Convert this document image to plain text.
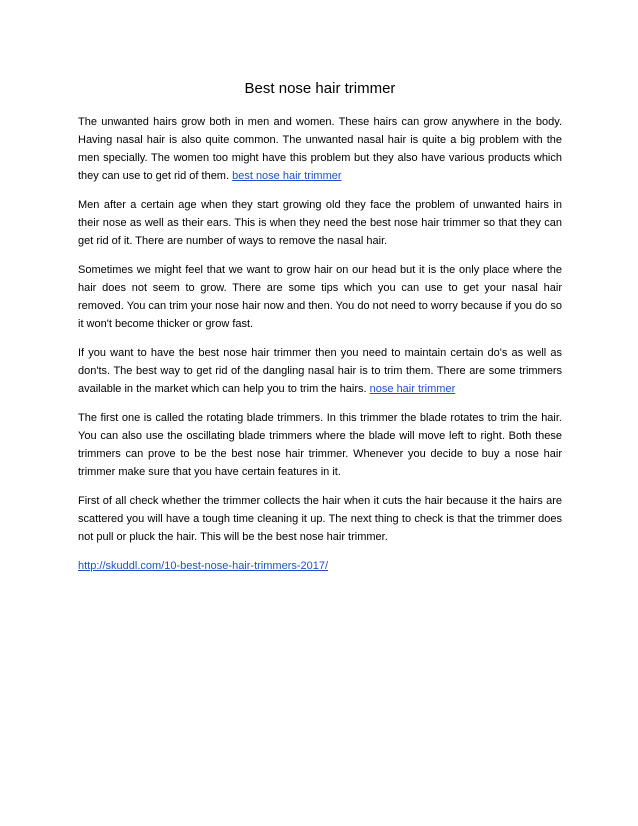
Best nose hair trimmer

The unwanted hairs grow both in men and women. These hairs can grow anywhere in the body. Having nasal hair is also quite common. The unwanted nasal hair is quite a big problem with the men specially. The women too might have this problem but they also have various products which they can use to get rid of them. best nose hair trimmer

Men after a certain age when they start growing old they face the problem of unwanted hairs in their nose as well as their ears. This is when they need the best nose hair trimmer so that they can get rid of it. There are number of ways to remove the nasal hair.

Sometimes we might feel that we want to grow hair on our head but it is the only place where the hair does not seem to grow. There are some tips which you can use to get your nasal hair removed. You can trim your nose hair now and then. You do not need to worry because if you do so it won't become thicker or grow fast.

If you want to have the best nose hair trimmer then you need to maintain certain do's as well as don'ts. The best way to get rid of the dangling nasal hair is to trim them. There are some trimmers available in the market which can help you to trim the hairs. nose hair trimmer

The first one is called the rotating blade trimmers. In this trimmer the blade rotates to trim the hair. You can also use the oscillating blade trimmers where the blade will move left to right. Both these trimmers can prove to be the best nose hair trimmer. Whenever you decide to buy a nose hair trimmer make sure that you have certain features in it.

First of all check whether the trimmer collects the hair when it cuts the hair because it the hairs are scattered you will have a tough time cleaning it up. The next thing to check is that the trimmer does not pull or pluck the hair. This will be the best nose hair trimmer.

http://skuddl.com/10-best-nose-hair-trimmers-2017/
